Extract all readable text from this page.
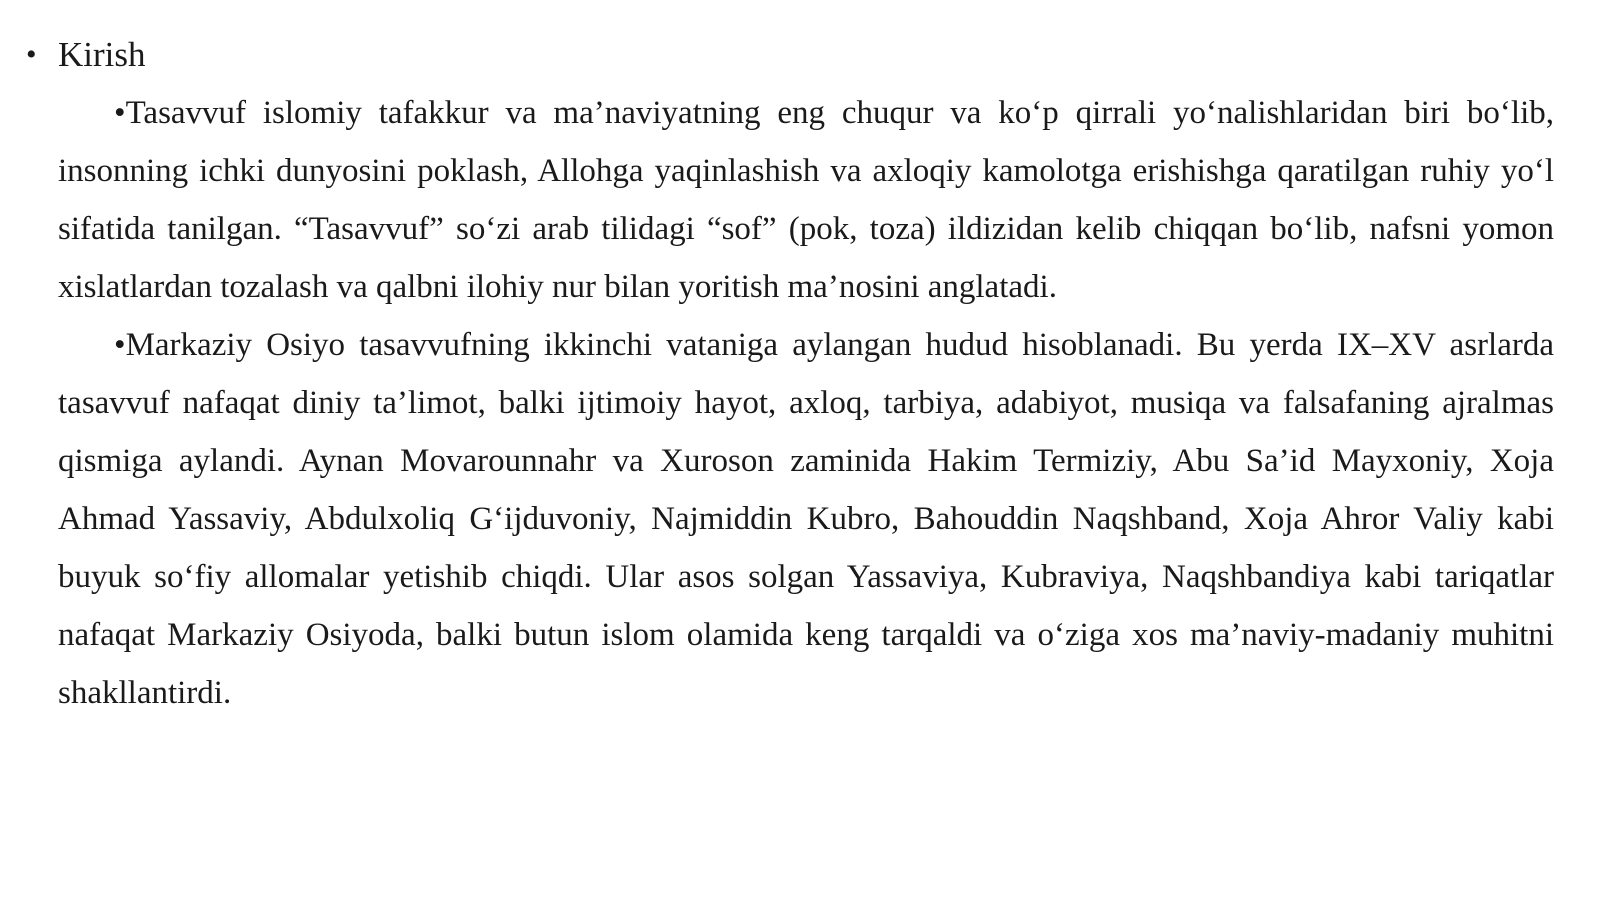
• Kirish

•Tasavvuf islomiy tafakkur va ma’naviyatning eng chuqur va ko‘p qirrali yo‘nalishlaridan biri bo‘lib, insonning ichki dunyosini poklash, Allohga yaqinlashish va axloqiy kamolotga erishishga qaratilgan ruhiy yo‘l sifatida tanilgan. “Tasavvuf” so‘zi arab tilidagi “sof” (pok, toza) ildizidan kelib chiqqan bo‘lib, nafsni yomon xislatlardan tozalash va qalbni ilohiy nur bilan yoritish ma’nosini anglatadi.

•Markaziy Osiyo tasavvufning ikkinchi vataniga aylangan hudud hisoblanadi. Bu yerda IX–XV asrlarda tasavvuf nafaqat diniy ta’limot, balki ijtimoiy hayot, axloq, tarbiya, adabiyot, musiqa va falsafaning ajralmas qismiga aylandi. Aynan Movarounnahr va Xuroson zaminida Hakim Termiziy, Abu Sa’id Mayxoniy, Xoja Ahmad Yassaviy, Abdulxoliq G‘ijduvoniy, Najmiddin Kubro, Bahouddin Naqshband, Xoja Ahror Valiy kabi buyuk so‘fiy allomalar yetishib chiqdi. Ular asos solgan Yassaviya, Kubraviya, Naqshbandiya kabi tariqatlar nafaqat Markaziy Osiyoda, balki butun islom olamida keng tarqaldi va o‘ziga xos ma’naviy-madaniy muhitni shakllantirdi.
